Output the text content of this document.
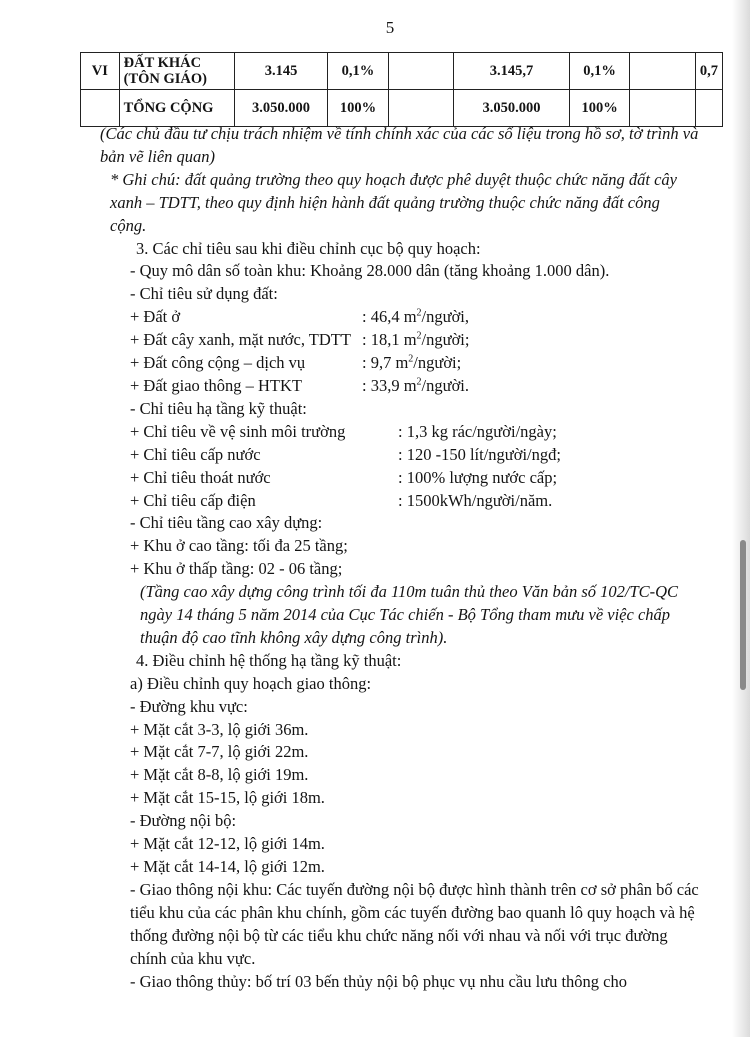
5
VI	ĐẤT KHÁC (TÔN GIÁO)	3.145	0,1%		3.145,7	0,1%		0,7
	TỔNG CỘNG	3.050.000	100%		3.050.000	100%		

(Các chủ đầu tư chịu trách nhiệm về tính chính xác của các số liệu trong hồ sơ, tờ trình và bản vẽ liên quan)

* Ghi chú: đất quảng trường theo quy hoạch được phê duyệt thuộc chức năng đất cây xanh – TDTT, theo quy định hiện hành đất quảng trường thuộc chức năng đất công cộng.

3. Các chỉ tiêu sau khi điều chỉnh cục bộ quy hoạch:

- Quy mô dân số toàn khu: Khoảng 28.000 dân (tăng khoảng 1.000 dân).

- Chỉ tiêu sử dụng đất:

+ Đất ở	: 46,4 $m^2$/người,
+ Đất cây xanh, mặt nước, TDTT : 18,1 $m^2$/người;
+ Đất công cộng – dịch vụ	: 9,7 $m^2$/người;
+ Đất giao thông – HTKT	: 33,9 $m^2$/người.

- Chỉ tiêu hạ tầng kỹ thuật:

+ Chỉ tiêu về vệ sinh môi trường	: 1,3 kg rác/người/ngày;
+ Chỉ tiêu cấp nước	: 120 -150 lít/người/ngđ;
+ Chỉ tiêu thoát nước	: 100% lượng nước cấp;
+ Chỉ tiêu cấp điện	: 1500kWh/người/năm.

- Chỉ tiêu tầng cao xây dựng:

+ Khu ở cao tầng: tối đa 25 tầng;

+ Khu ở thấp tầng: 02 - 06 tầng;

(Tầng cao xây dựng công trình tối đa 110m tuân thủ theo Văn bản số 102/TC-QC ngày 14 tháng 5 năm 2014 của Cục Tác chiến - Bộ Tổng tham mưu về việc chấp thuận độ cao tĩnh không xây dựng công trình).

4. Điều chỉnh hệ thống hạ tầng kỹ thuật:

a) Điều chỉnh quy hoạch giao thông:

- Đường khu vực:

+ Mặt cắt 3-3, lộ giới 36m.

+ Mặt cắt 7-7, lộ giới 22m.

+ Mặt cắt 8-8, lộ giới 19m.

+ Mặt cắt 15-15, lộ giới 18m.

- Đường nội bộ:

+ Mặt cắt 12-12, lộ giới 14m.

+ Mặt cắt 14-14, lộ giới 12m.

- Giao thông nội khu: Các tuyến đường nội bộ được hình thành trên cơ sở phân bố các tiểu khu của các phân khu chính, gồm các tuyến đường bao quanh lô quy hoạch và hệ thống đường nội bộ từ các tiểu khu chức năng nối với nhau và nối với trục đường chính của khu vực.

- Giao thông thủy: bố trí 03 bến thủy nội bộ phục vụ nhu cầu lưu thông cho
